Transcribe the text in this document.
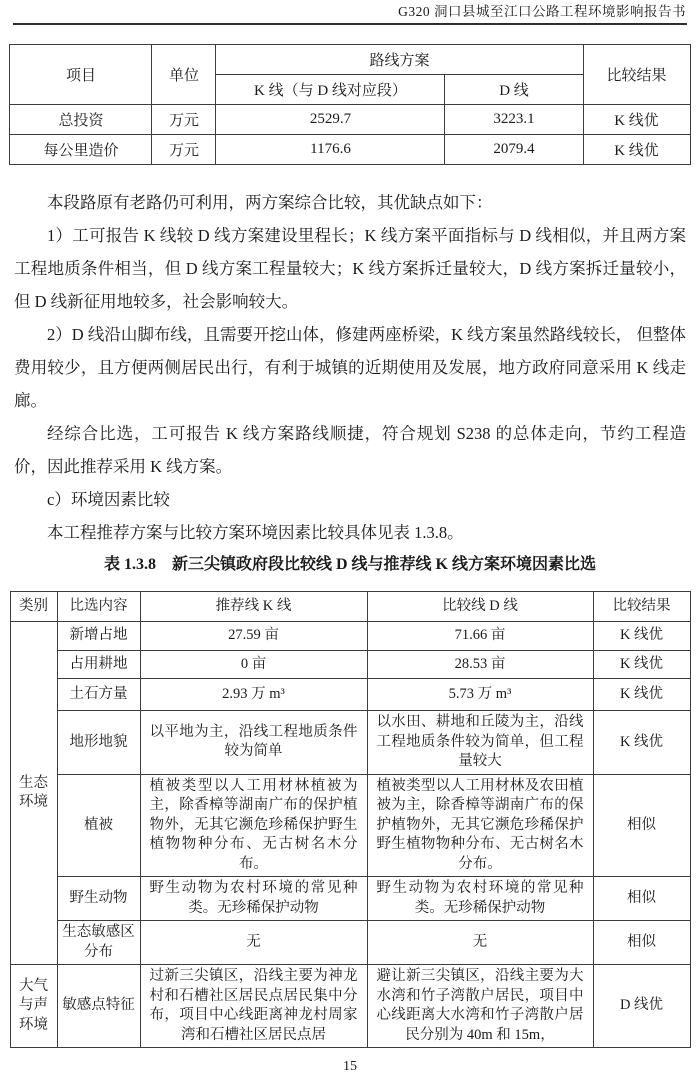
G320 洞口县城至江口公路工程环境影响报告书
项目	单位	路线方案		比较结果
		K 线（与 D 线对应段）	D 线	
总投资	万元	2529.7	3223.1	K 线优
每公里造价	万元	1176.6	2079.4	K 线优

本段路原有老路仍可利用，两方案综合比较，其优缺点如下：

1）工可报告 K 线较 D 线方案建设里程长；K 线方案平面指标与 D 线相似，并且两方案工程地质条件相当，但 D 线方案工程量较大；K 线方案拆迁量较大，D 线方案拆迁量较小，但 D 线新征用地较多，社会影响较大。

2）D 线沿山脚布线，且需要开挖山体，修建两座桥梁，K 线方案虽然路线较长， 但整体费用较少，且方便两侧居民出行，有利于城镇的近期使用及发展，地方政府同意采用 K 线走廊。

经综合比选，工可报告 K 线方案路线顺捷，符合规划 S238 的总体走向，节约工程造价，因此推荐采用 K 线方案。

c）环境因素比较

本工程推荐方案与比较方案环境因素比较具体见表 1.3.8。

表 1.3.8　新三尖镇政府段比较线 D 线与推荐线 K 线方案环境因素比选
类别	比选内容	推荐线 K 线	比较线 D 线	比较结果
生态环境	新增占地	27.59 亩	71.66 亩	K 线优
	占用耕地	0 亩	28.53 亩	K 线优
	土石方量	2.93 万 m³	5.73 万 m³	K 线优
	地形地貌	以平地为主，沿线工程地质条件较为简单	以水田、耕地和丘陵为主，沿线工程地质条件较为简单，但工程量较大	K 线优
	植被	植被类型以人工用材林植被为主，除香樟等湖南广布的保护植物外，无其它濒危珍稀保护野生植物物种分布、无古树名木分布。	植被类型以人工用材林及农田植被为主，除香樟等湖南广布的保护植物外，无其它濒危珍稀保护野生植物物种分布、无古树名木分布。	相似
	野生动物	野生动物为农村环境的常见种类。无珍稀保护动物	野生动物为农村环境的常见种类。无珍稀保护动物	相似
	生态敏感区分布	无	无	相似
大气与声环境	敏感点特征	过新三尖镇区，沿线主要为神龙村和石槽社区居民点居民集中分布，项目中心线距离神龙村周家湾和石槽社区居民点居	避让新三尖镇区，沿线主要为大水湾和竹子湾散户居民，项目中心线距离大水湾和竹子湾散户居民分别为 40m 和 15m，	D 线优
15
